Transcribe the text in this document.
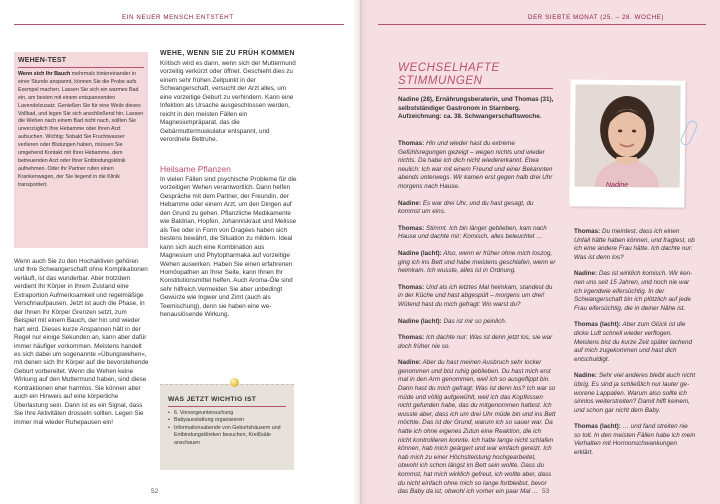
EIN NEUER MENSCH ENTSTEHT
WEHEN-TEST
Wenn sich Ihr Bauch mehrmals hintereinander in einer Stunde anspannt, können Sie die Probe aufs Exempel machen. Lassen Sie sich ein warmes Bad ein, am besten mit einem entspannenden Lavendelzusatz. Genießen Sie für eine Weile dieses Vollbad, und legen Sie sich anschließend hin. Lassen die Wehen nach einem Bad nicht nach, sollten Sie unverzüglich Ihre Hebamme oder Ihren Arzt aufsuchen. Wichtig: Sobald Sie Fruchtwasser verlieren oder Blutungen haben, müssen Sie umgehend Kontakt mit Ihrer Hebamme, dem betreuenden Arzt oder Ihrer Entbindungsklinik aufnehmen. Oder Ihr Partner rufen einen Krankenwagen, der Sie liegend in die Klinik transportiert.

Wenn auch Sie zu den Hochaktiven gehören und Ihre Schwangerschaft ohne Komplikationen verläuft, ist das wunderbar. Aber trotzdem verdient Ihr Körper in Ihrem Zustand eine Extraportion Aufmerksamkeit und regelmäßige Verschnaufpausen. Jetzt ist auch die Phase, in der Ihnen Ihr Körper Grenzen setzt, zum Beispiel mit einem Bauch, der hin und wieder hart wird. Dieses kurze Anspannen hält in der Regel nur einige Sekunden an, kann aber dafür immer häufiger vorkommen. Meistens handelt es sich dabei um sogenannte »Übungswehen«, mit denen sich Ihr Körper auf die bevorstehende Geburt vorbereitet. Wenn die Wehen keine Wirkung auf den Muttermund haben, sind diese Kontraktionen eher harmlos. Sie können aber auch ein Hinweis auf eine körperliche Überlastung sein. Dann ist es ein Signal, dass Sie Ihre Aktivitäten drosseln sollten. Legen Sie immer mal wieder Ruhepausen ein!

WEHE, WENN SIE ZU FRÜH KOMMEN

Kritisch wird es dann, wenn sich der Muttermund vorzeitig verkürzt oder öffnet. Geschieht dies zu einem sehr frühen Zeitpunkt in der Schwangerschaft, versucht der Arzt alles, um eine vorzeitige Geburt zu verhindern. Kann eine Infektion als Ursache ausgeschlossen werden, reicht in den meisten Fällen ein Magnesiumpräparat, das die Gebärmuttermuskulatur entspannt, und verordnete Bettruhe.

Heilsame Pflanzen

In vielen Fällen sind psychische Probleme für die vorzeitigen Wehen verantwortlich. Dann helfen Gespräche mit dem Partner, der Freundin, der Hebamme oder einem Arzt, um den Dingen auf den Grund zu gehen. Pflanzliche Medikamente wie Baldrian, Hopfen, Johanniskraut und Melisse als Tee oder in Form von Dragées haben sich bestens bewährt, die Situation zu mildern. Ideal kann sich auch eine Kombination aus Magnesium und Phytopharmaka auf vorzeitige Wehen auswirken. Haben Sie einen erfahrenen Homöopathen an Ihrer Seite, kann Ihnen Ihr Konstitutionsmittel helfen. Auch Aroma-Öle sind sehr hilfreich.Vermeiden Sie aber unbedingt Gewürze wie Ingwer und Zimt (auch als Teemischung), denn sie haben eine wehenauslösende Wirkung.

WAS JETZT WICHTIG IST
• 6. Vorsorgeuntersuchung
• Babyausstattung organisieren
• Informationsabende von Geburtshäusern und Entbindungskliniken besuchen, Kreißsäle anschauen
52
DER SIEBTE MONAT (25. – 28. WOCHE)
WECHSELHAFTE
STIMMUNGEN
Nadine (28), Ernährungsberaterin, und Thomas (31), selbstständiger Gastronom in Starnberg. Aufzeichnung: ca. 38. Schwangerschaftswoche.
Nadine

Thomas: Hin und wieder hast du extreme Gefühlsregungen gezeigt – wegen nichts und wieder nichts. Da habe ich dich nicht wiedererkannt. Etwa neulich: Ich war mit einem Freund und einer Bekannten abends unterwegs. Wir kamen erst gegen halb drei Uhr morgens nach Hause.

Nadine: Es war drei Uhr, und du hast gesagt, du kommst um eins.

Thomas: Stimmt. Ich bin länger geblieben, kam nach Hause und dachte mir: Komisch, alles beleuchtet …

Nadine (lacht): Also, wenn er früher ohne mich loszog, ging ich ins Bett und habe meistens geschlafen, wenn er heimkam. Ich wusste, alles ist in Ordnung.

Thomas: Und als ich letztes Mal heimkam, standest du in der Küche und hast abgespült – morgens um drei! Wütend hast du mich gefragt: Wo warst du?

Nadine (lacht): Das ist mir so peinlich.

Thomas: Ich dachte nur: Was ist denn jetzt los, sie war doch früher nie so.

Nadine: Aber du hast meinen Ausbruch sehr locker genommen und bist ruhig geblieben. Du hast mich erst mal in den Arm genommen, weil ich so ausgeflippt bin. Dann hast du mich gefragt: Was ist denn los? Ich war so müde und völlig aufgewühlt, weil ich das Kopfkissen nicht gefunden habe, das du mitgenommen hattest. Ich wusste aber, dass ich um drei Uhr müde bin und ins Bett möchte. Das ist der Grund, warum ich so sauer war. Da hatte ich ohne eigenes Zutun eine Reaktion, die ich nicht kontrollieren konnte. Ich hatte lange nicht schlafen können, hab mich geärgert und war einfach gereizt. Ich hab mich zu einer Höchstleistung hochgearbeitet, obwohl ich schon längst im Bett sein wollte. Dass du kommst, hat mich wirklich gefreut, ich wollte aber, dass du nicht einfach ohne mich so lange fortbleibst, bevor das Baby da ist, obwohl ich vorher ein paar Mal …

Thomas: Du meintest, dass ich einen Unfall hätte haben können, und fragtest, ob ich eine andere Frau hätte. Ich dachte nur: Was ist denn los?

Nadine: Das ist wirklich komisch. Wir kennen uns seit 15 Jahren, und noch nie war ich irgendwie eifersüchtig. In der Schwangerschaft bin ich plötzlich auf jede Frau eifersüchtig, die in deiner Nähe ist.

Thomas (lacht): Aber zum Glück ist die dicke Luft schnell wieder verflogen. Meistens bist du kurze Zeit später lachend auf mich zugekommen und hast dich entschuldigt.

Nadine: Sehr viel anderes bleibt auch nicht übrig. Es sind ja schließlich nur lauter geworene Lappalien. Warum also sollte ich sinnlos weiterstreiten? Damit hilft keinem, und schon gar nicht dem Baby.

Thomas (lacht): … und fand streiten nie so toll. In den meisten Fällen habe ich mein Verhalten mit Hormonschwankungen erklärt.

53
